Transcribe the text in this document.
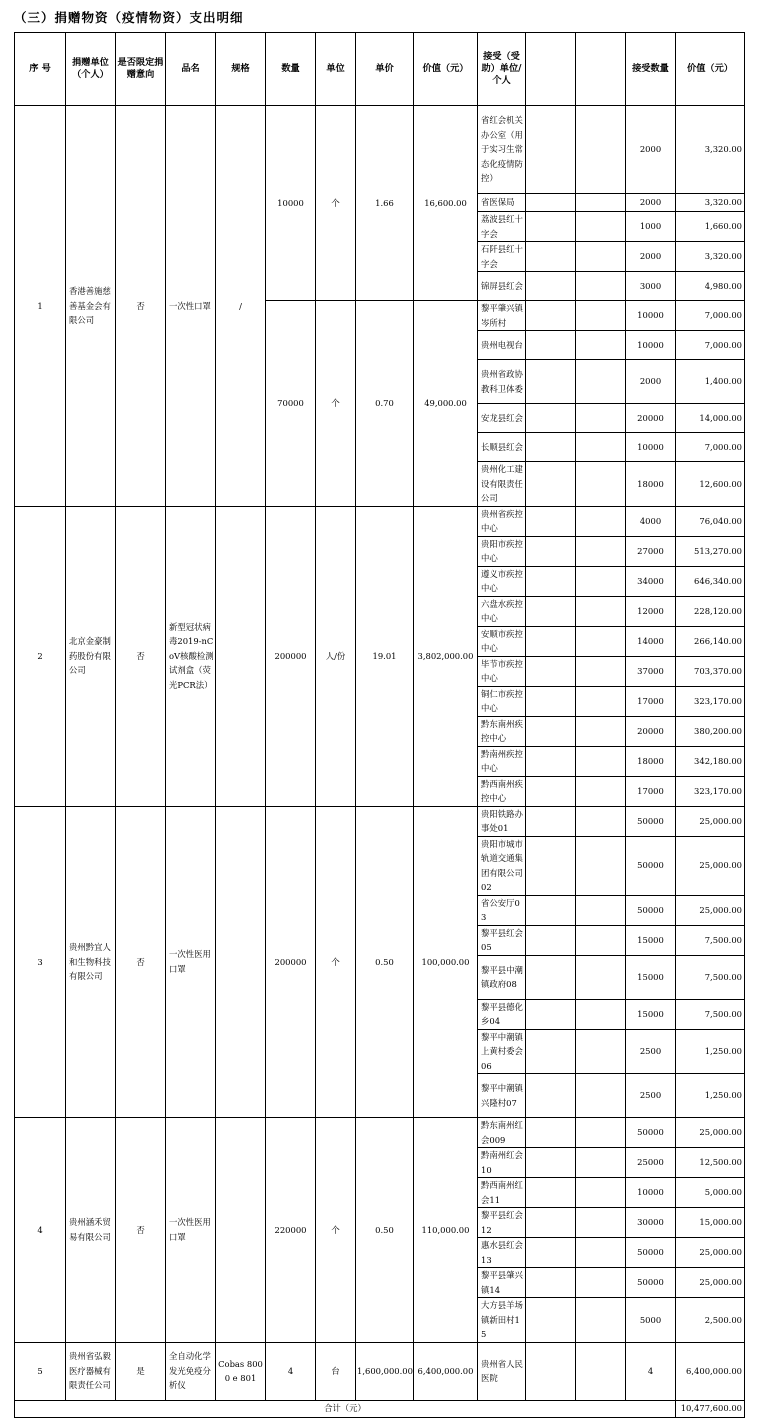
（三）捐赠物资（疫情物资）支出明细
序 号	捐赠单位（个人）	是否限定捐赠意向	品名	规格	数量	单位	单价	价值（元）	接受（受助）单位/个人			接受数量	价值（元）
1	香港善施慈善基金会有限公司	否	一次性口罩	/	10000	个	1.66	16,600.00	省红会机关办公室（用于实习生常态化疫情防控）			2000	3,320.00
									省医保局			2000	3,320.00
									荔波县红十字会			1000	1,660.00
									石阡县红十字会			2000	3,320.00
									锦屏县红会			3000	4,980.00
					70000	个	0.70	49,000.00	黎平肇兴镇岑所村			10000	7,000.00
									贵州电视台			10000	7,000.00
									贵州省政协教科卫体委			2000	1,400.00
									安龙县红会			20000	14,000.00
									长顺县红会			10000	7,000.00
									贵州化工建设有限责任公司			18000	12,600.00
2	北京金豪制药股份有限公司	否	新型冠状病毒2019-nCoV核酸检测试剂盒（荧光PCR法）		200000	人/份	19.01	3,802,000.00	贵州省疾控中心			4000	76,040.00
									贵阳市疾控中心			27000	513,270.00
									遵义市疾控中心			34000	646,340.00
									六盘水疾控中心			12000	228,120.00
									安顺市疾控中心			14000	266,140.00
									毕节市疾控中心			37000	703,370.00
									铜仁市疾控中心			17000	323,170.00
									黔东南州疾控中心			20000	380,200.00
									黔南州疾控中心			18000	342,180.00
									黔西南州疾控中心			17000	323,170.00
3	贵州黔宜人和生物科技有限公司	否	一次性医用口罩		200000	个	0.50	100,000.00	贵阳铁路办事处01			50000	25,000.00
									贵阳市城市轨道交通集团有限公司02			50000	25,000.00
									省公安厅03			50000	25,000.00
									黎平县红会05			15000	7,500.00
									黎平县中潮镇政府08			15000	7,500.00
									黎平县德化乡04			15000	7,500.00
									黎平中潮镇上黄村委会06			2500	1,250.00
									黎平中潮镇兴隆村07			2500	1,250.00
4	贵州涵禾贸易有限公司	否	一次性医用口罩		220000	个	0.50	110,000.00	黔东南州红会009			50000	25,000.00
									黔南州红会10			25000	12,500.00
									黔西南州红会11			10000	5,000.00
									黎平县红会12			30000	15,000.00
									惠水县红会13			50000	25,000.00
									黎平县肇兴镇14			50000	25,000.00
									大方县羊场镇新田村15			5000	2,500.00
5	贵州省弘毅医疗器械有限责任公司	是	全自动化学发光免疫分析仪	Cobas 8000 e 801	4	台	1,600,000.00	6,400,000.00	贵州省人民医院			4	6,400,000.00
合计（元）													10,477,600.00
